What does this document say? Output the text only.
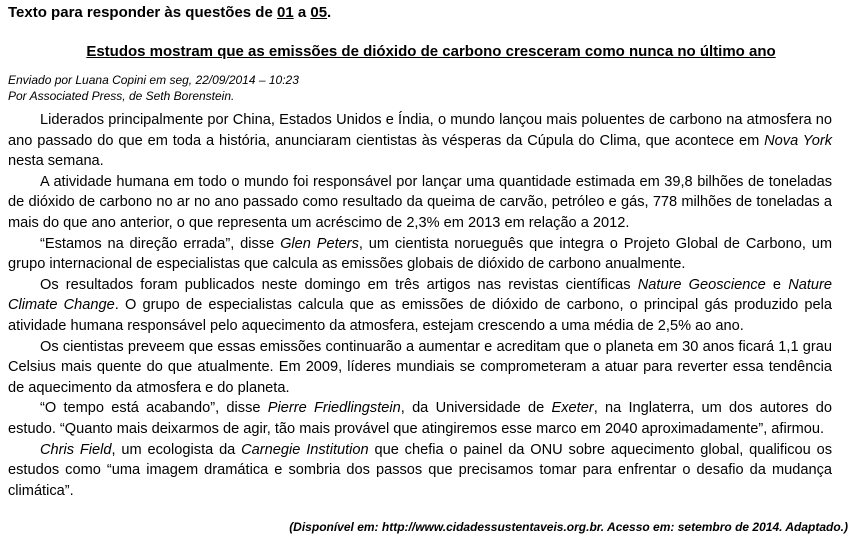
Texto para responder às questões de 01 a 05.
Estudos mostram que as emissões de dióxido de carbono cresceram como nunca no último ano
Enviado por Luana Copini em seg, 22/09/2014 – 10:23
Por Associated Press, de Seth Borenstein.

Liderados principalmente por China, Estados Unidos e Índia, o mundo lançou mais poluentes de carbono na atmosfera no ano passado do que em toda a história, anunciaram cientistas às vésperas da Cúpula do Clima, que acontece em Nova York nesta semana.

A atividade humana em todo o mundo foi responsável por lançar uma quantidade estimada em 39,8 bilhões de toneladas de dióxido de carbono no ar no ano passado como resultado da queima de carvão, petróleo e gás, 778 milhões de toneladas a mais do que ano anterior, o que representa um acréscimo de 2,3% em 2013 em relação a 2012.

“Estamos na direção errada”, disse Glen Peters, um cientista norueguês que integra o Projeto Global de Carbono, um grupo internacional de especialistas que calcula as emissões globais de dióxido de carbono anualmente.

Os resultados foram publicados neste domingo em três artigos nas revistas científicas Nature Geoscience e Nature Climate Change. O grupo de especialistas calcula que as emissões de dióxido de carbono, o principal gás produzido pela atividade humana responsável pelo aquecimento da atmosfera, estejam crescendo a uma média de 2,5% ao ano.

Os cientistas preveem que essas emissões continuarão a aumentar e acreditam que o planeta em 30 anos ficará 1,1 grau Celsius mais quente do que atualmente. Em 2009, líderes mundiais se comprometeram a atuar para reverter essa tendência de aquecimento da atmosfera e do planeta.

“O tempo está acabando”, disse Pierre Friedlingstein, da Universidade de Exeter, na Inglaterra, um dos autores do estudo. “Quanto mais deixarmos de agir, tão mais provável que atingiremos esse marco em 2040 aproximadamente”, afirmou.

Chris Field, um ecologista da Carnegie Institution que chefia o painel da ONU sobre aquecimento global, qualificou os estudos como “uma imagem dramática e sombria dos passos que precisamos tomar para enfrentar o desafio da mudança climática”.

(Disponível em: http://www.cidadessustentaveis.org.br. Acesso em: setembro de 2014. Adaptado.)
